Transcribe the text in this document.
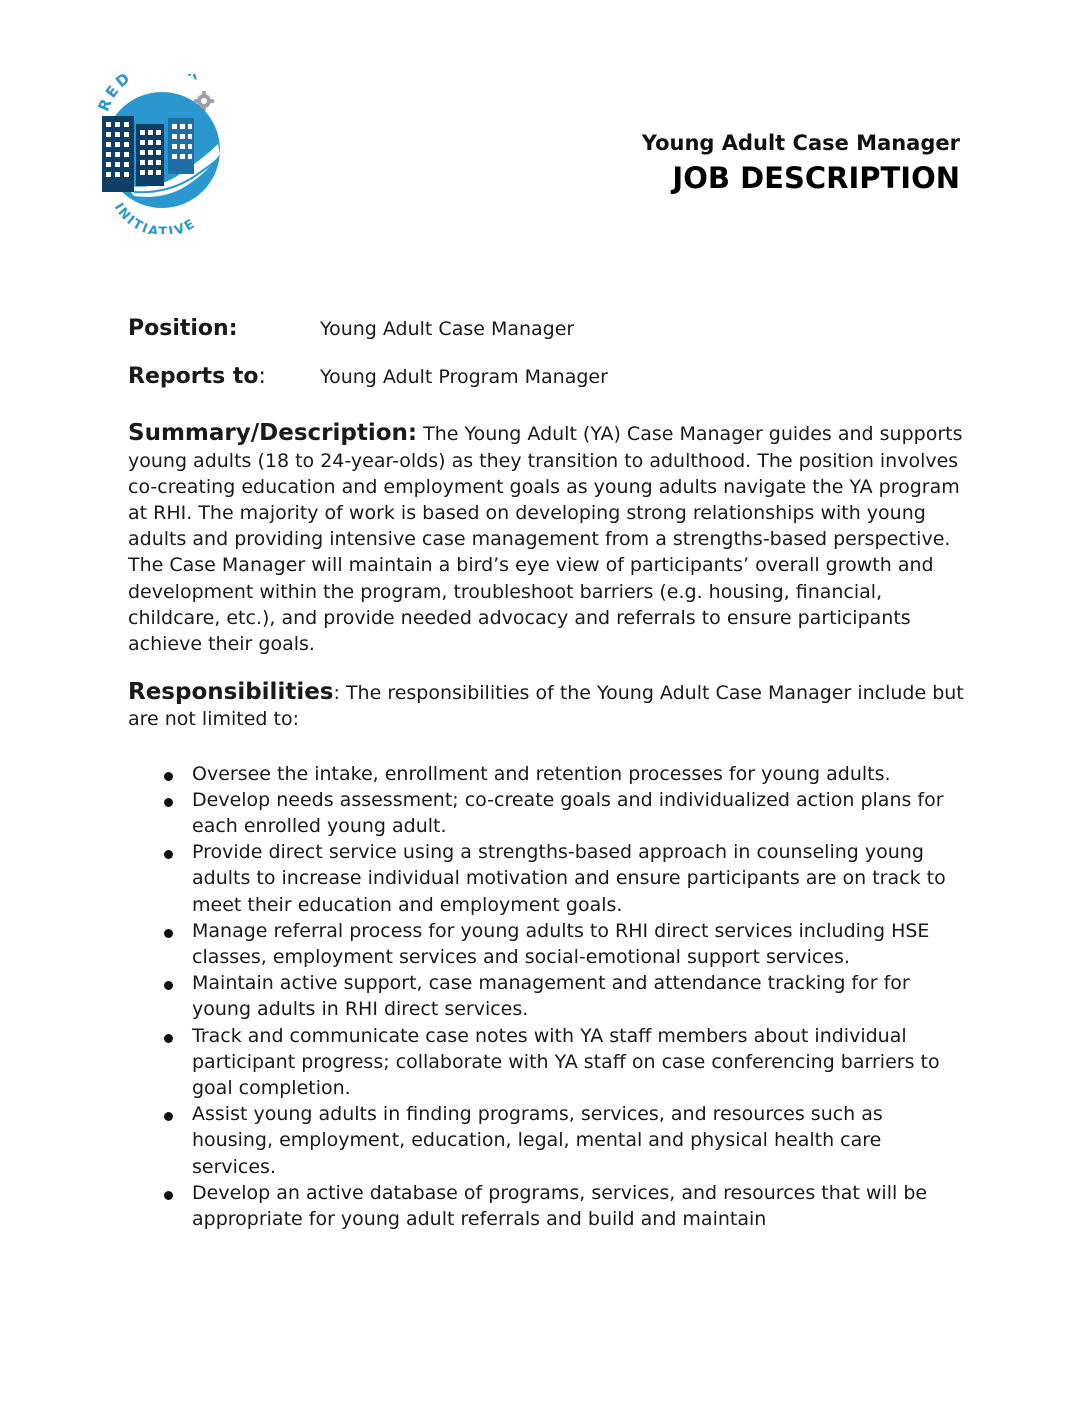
RED
INITIATIVE
Young Adult Case Manager
JOB DESCRIPTION
Position:	Young Adult Case Manager
Reports to:	Young Adult Program Manager

Summary/Description: The Young Adult (YA) Case Manager guides and supports young adults (18 to 24-year-olds) as they transition to adulthood. The position involves co-creating education and employment goals as young adults navigate the YA program at RHI. The majority of work is based on developing strong relationships with young adults and providing intensive case management from a strengths-based perspective. The Case Manager will maintain a bird’s eye view of participants’ overall growth and development within the program, troubleshoot barriers (e.g. housing, financial, childcare, etc.), and provide needed advocacy and referrals to ensure participants achieve their goals.

Responsibilities: The responsibilities of the Young Adult Case Manager include but are not limited to:

Oversee the intake, enrollment and retention processes for young adults.
Develop needs assessment; co-create goals and individualized action plans for each enrolled young adult.
Provide direct service using a strengths-based approach in counseling young adults to increase individual motivation and ensure participants are on track to meet their education and employment goals.
Manage referral process for young adults to RHI direct services including HSE classes, employment services and social-emotional support services.
Maintain active support, case management and attendance tracking for for young adults in RHI direct services.
Track and communicate case notes with YA staff members about individual participant progress; collaborate with YA staff on case conferencing barriers to goal completion.
Assist young adults in finding programs, services, and resources such as housing, employment, education, legal, mental and physical health care services.
Develop an active database of programs, services, and resources that will be appropriate for young adult referrals and build and maintain
